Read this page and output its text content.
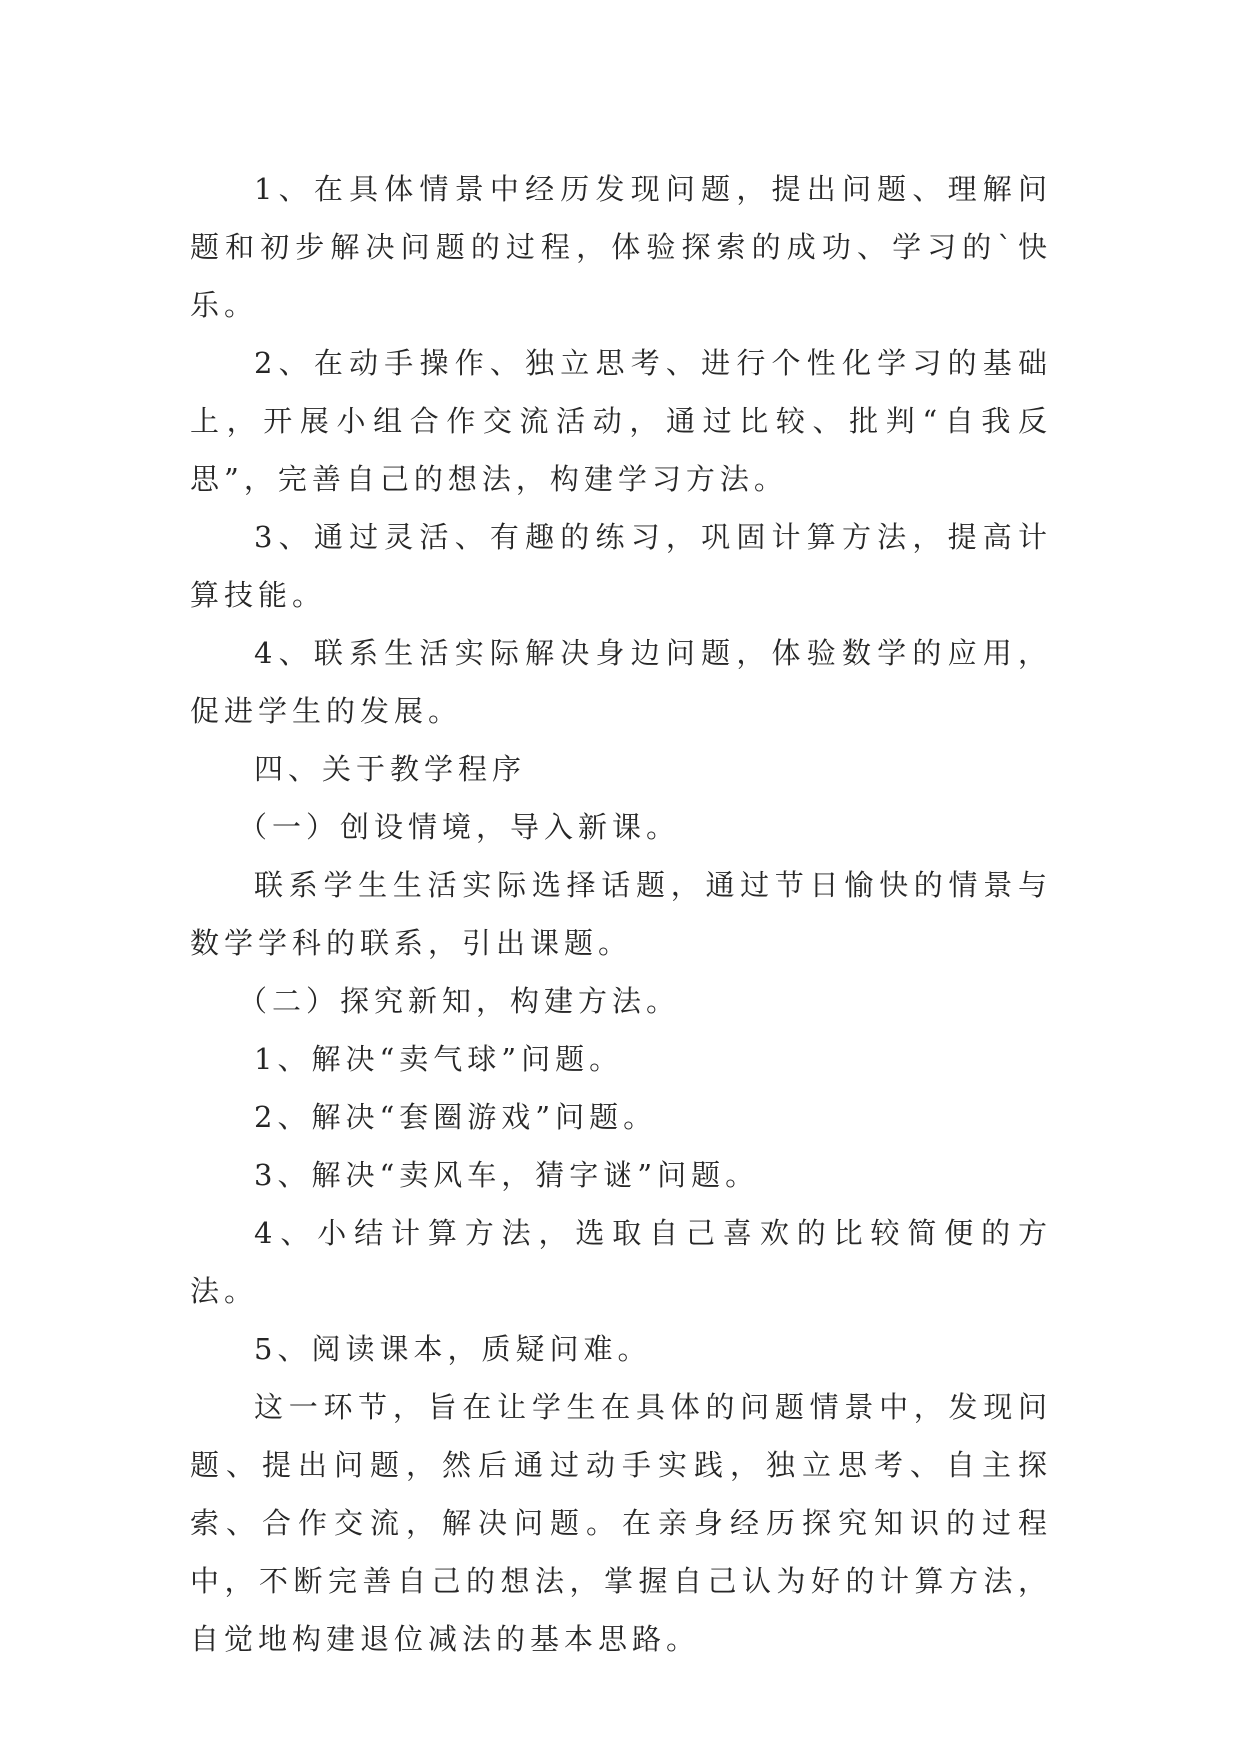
1、在具体情景中经历发现问题，提出问题、理解问题和初步解决问题的过程，体验探索的成功、学习的`快乐。

2、在动手操作、独立思考、进行个性化学习的基础上，开展小组合作交流活动，通过比较、批判“自我反思”，完善自己的想法，构建学习方法。

3、通过灵活、有趣的练习，巩固计算方法，提高计算技能。

4、联系生活实际解决身边问题，体验数学的应用，促进学生的发展。

四、关于教学程序

（一）创设情境，导入新课。

联系学生生活实际选择话题，通过节日愉快的情景与数学学科的联系，引出课题。

（二）探究新知，构建方法。

1、解决“卖气球”问题。

2、解决“套圈游戏”问题。

3、解决“卖风车，猜字谜”问题。

4、小结计算方法，选取自己喜欢的比较简便的方法。

5、阅读课本，质疑问难。

这一环节，旨在让学生在具体的问题情景中，发现问题、提出问题，然后通过动手实践，独立思考、自主探索、合作交流，解决问题。在亲身经历探究知识的过程中，不断完善自己的想法，掌握自己认为好的计算方法，自觉地构建退位减法的基本思路。
